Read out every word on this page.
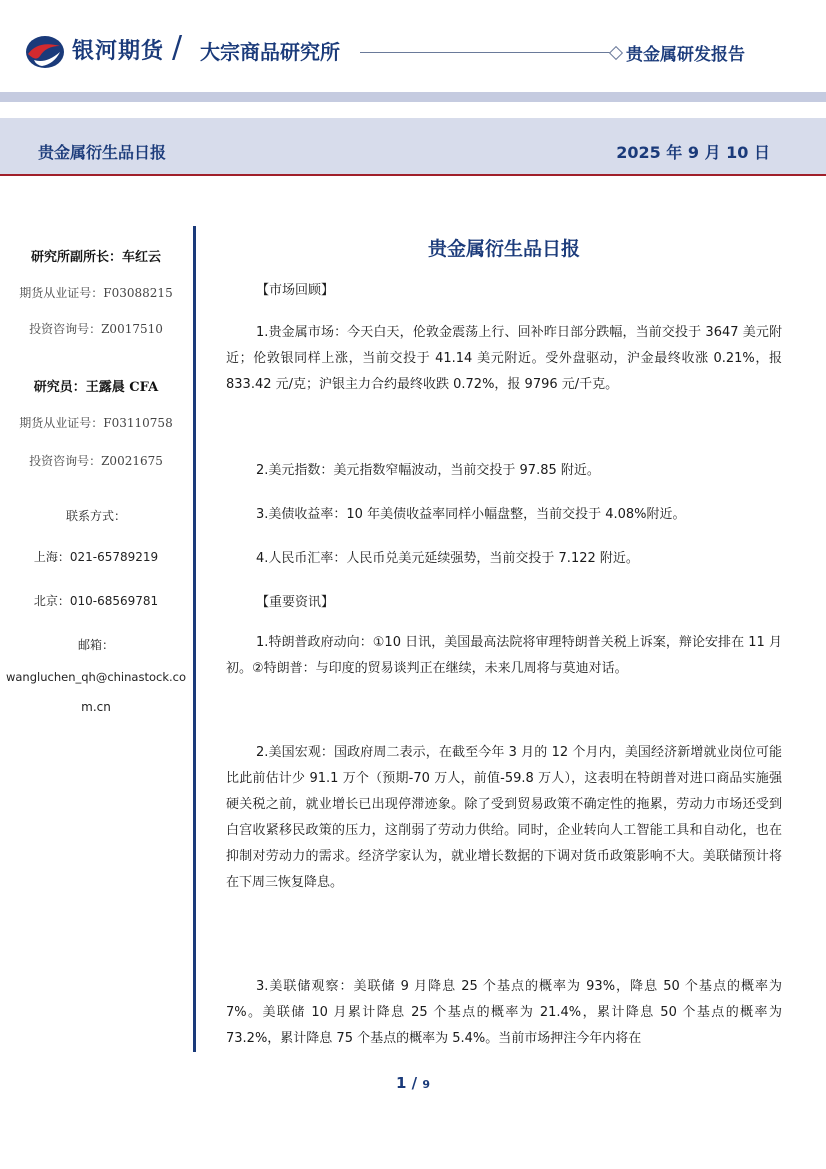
银河期货 / 大宗商品研究所	贵金属研发报告
贵金属衍生品日报	2025 年 9 月 10 日
研究所副所长：车红云
期货从业证号：F03088215
投资咨询号：Z0017510
研究员：王露晨 CFA
期货从业证号：F03110758
投资咨询号：Z0021675
联系方式：
上海：021-65789219
北京：010-68569781
邮箱：
wangluchen_qh@chinastock.co
m.cn
贵金属衍生品日报
【市场回顾】
1.贵金属市场：今天白天，伦敦金震荡上行、回补昨日部分跌幅，当前交投于 3647 美元附近；伦敦银同样上涨，当前交投于 41.14 美元附近。受外盘驱动，沪金最终收涨 0.21%，报 833.42 元/克；沪银主力合约最终收跌 0.72%，报 9796 元/千克。
2.美元指数：美元指数窄幅波动，当前交投于 97.85 附近。
3.美债收益率：10 年美债收益率同样小幅盘整，当前交投于 4.08%附近。
4.人民币汇率：人民币兑美元延续强势，当前交投于 7.122 附近。
【重要资讯】
1.特朗普政府动向：①10 日讯，美国最高法院将审理特朗普关税上诉案，辩论安排在 11 月初。②特朗普：与印度的贸易谈判正在继续，未来几周将与莫迪对话。
2.美国宏观：国政府周二表示，在截至今年 3 月的 12 个月内，美国经济新增就业岗位可能比此前估计少 91.1 万个（预期-70 万人，前值-59.8 万人），这表明在特朗普对进口商品实施强硬关税之前，就业增长已出现停滞迹象。除了受到贸易政策不确定性的拖累，劳动力市场还受到白宫收紧移民政策的压力，这削弱了劳动力供给。同时，企业转向人工智能工具和自动化，也在抑制对劳动力的需求。经济学家认为，就业增长数据的下调对货币政策影响不大。美联储预计将在下周三恢复降息。
3.美联储观察：美联储 9 月降息 25 个基点的概率为 93%，降息 50 个基点的概率为 7%。美联储 10 月累计降息 25 个基点的概率为 21.4%，累计降息 50 个基点的概率为 73.2%，累计降息 75 个基点的概率为 5.4%。当前市场押注今年内将在
1 / 9
